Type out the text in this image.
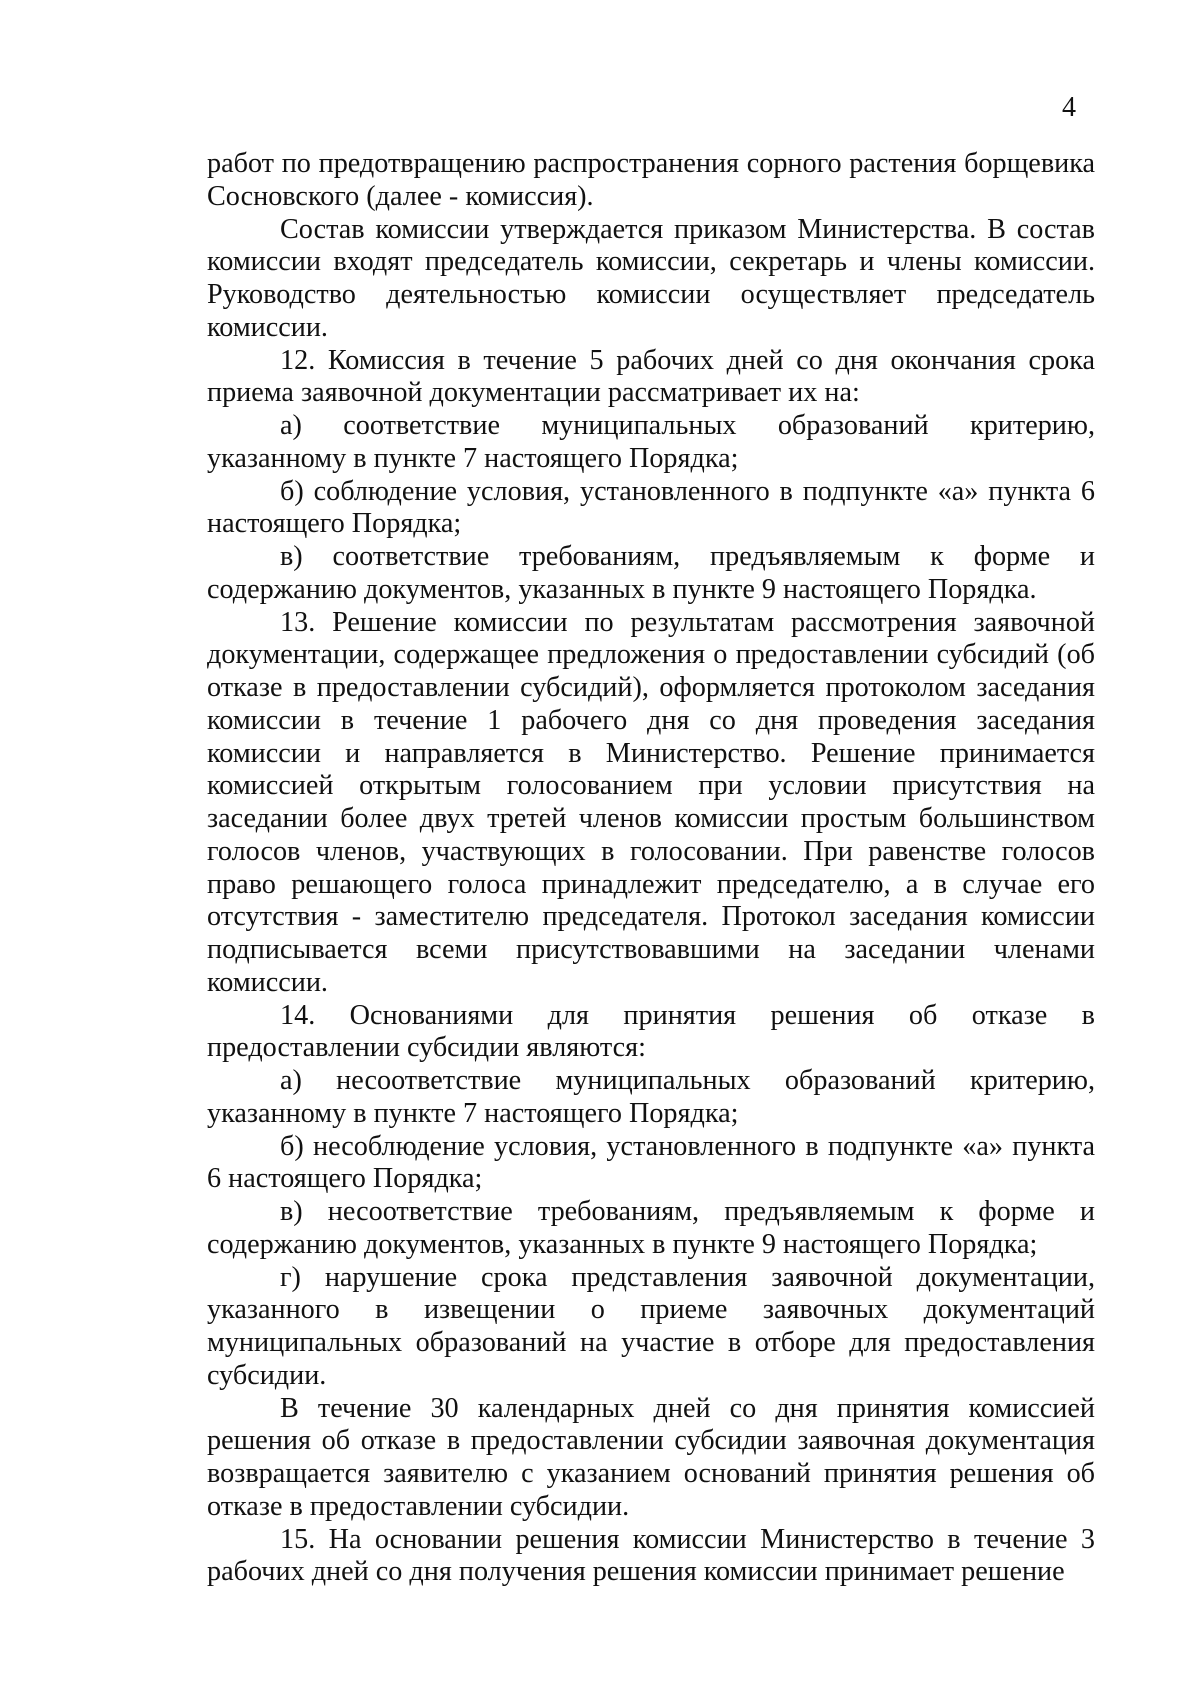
4

работ по предотвращению распространения сорного растения борщевика Сосновского (далее - комиссия).

Состав комиссии утверждается приказом Министерства. В состав комиссии входят председатель комиссии, секретарь и члены комиссии. Руководство деятельностью комиссии осуществляет председатель комиссии.

12. Комиссия в течение 5 рабочих дней со дня окончания срока приема заявочной документации рассматривает их на:

а) соответствие муниципальных образований критерию, указанному в пункте 7 настоящего Порядка;

б) соблюдение условия, установленного в подпункте «а» пункта 6 настоящего Порядка;

в) соответствие требованиям, предъявляемым к форме и содержанию документов, указанных в пункте 9 настоящего Порядка.

13. Решение комиссии по результатам рассмотрения заявочной документации, содержащее предложения о предоставлении субсидий (об отказе в предоставлении субсидий), оформляется протоколом заседания комиссии в течение 1 рабочего дня со дня проведения заседания комиссии и направляется в Министерство. Решение принимается комиссией открытым голосованием при условии присутствия на заседании более двух третей членов комиссии простым большинством голосов членов, участвующих в голосовании. При равенстве голосов право решающего голоса принадлежит председателю, а в случае его отсутствия - заместителю председателя. Протокол заседания комиссии подписывается всеми присутствовавшими на заседании членами комиссии.

14. Основаниями для принятия решения об отказе в предоставлении субсидии являются:

а) несоответствие муниципальных образований критерию, указанному в пункте 7 настоящего Порядка;

б) несоблюдение условия, установленного в подпункте «а» пункта 6 настоящего Порядка;

в) несоответствие требованиям, предъявляемым к форме и содержанию документов, указанных в пункте 9 настоящего Порядка;

г) нарушение срока представления заявочной документации, указанного в извещении о приеме заявочных документаций муниципальных образований на участие в отборе для предоставления субсидии.

В течение 30 календарных дней со дня принятия комиссией решения об отказе в предоставлении субсидии заявочная документация возвращается заявителю с указанием оснований принятия решения об отказе в предоставлении субсидии.

15. На основании решения комиссии Министерство в течение 3 рабочих дней со дня получения решения комиссии принимает решение
